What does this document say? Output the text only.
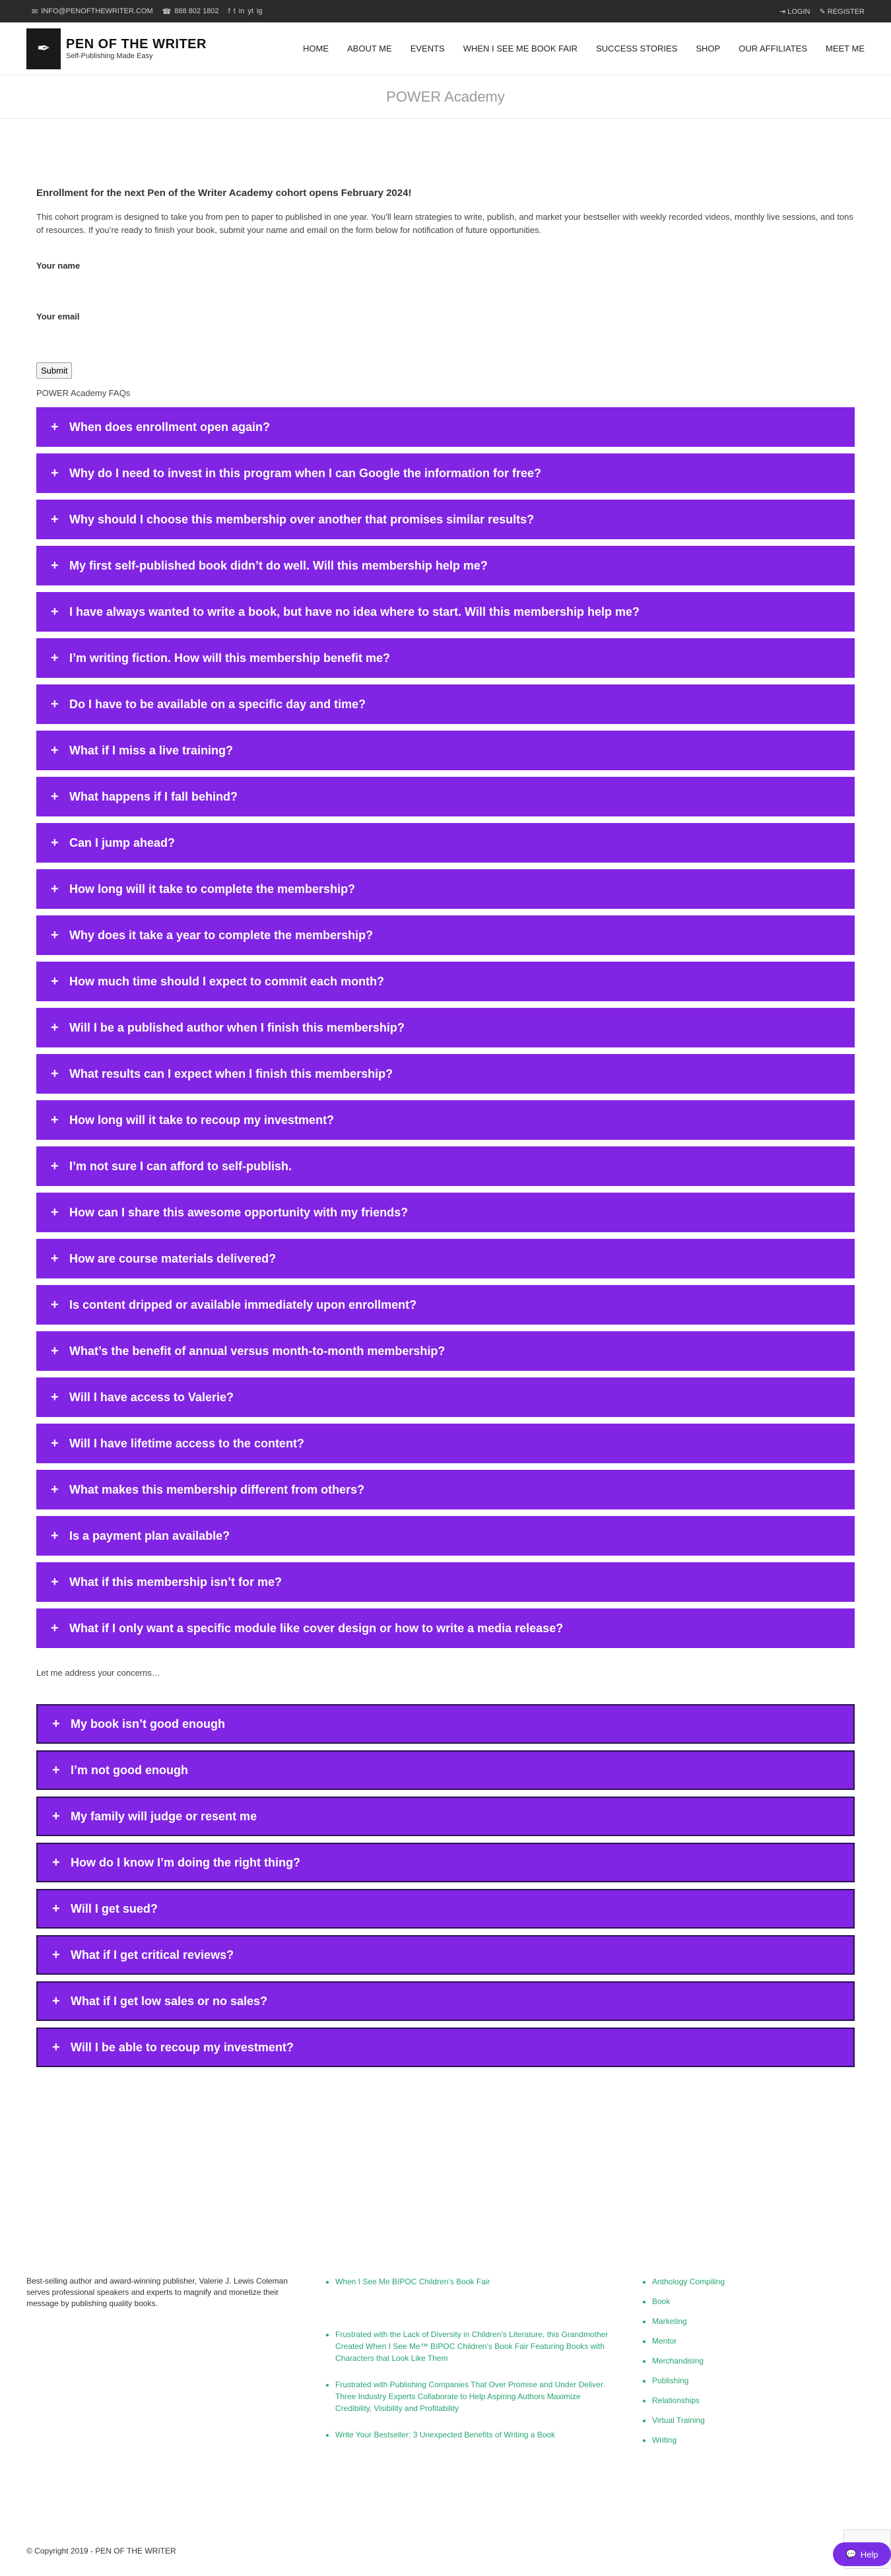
✉ INFO@PENOFTHEWRITER.COM ☎ 888 802 1802 f t in yt ig	⇥ LOGIN ✎ REGISTER
✒	PEN OF THE WRITER
Self-Publishing Made Easy
HOME ABOUT ME EVENTS WHEN I SEE ME BOOK FAIR SUCCESS STORIES SHOP OUR AFFILIATES MEET ME
POWER Academy
Enrollment for the next Pen of the Writer Academy cohort opens February 2024!
This cohort program is designed to take you from pen to paper to published in one year. You’ll learn strategies to write, publish, and market your bestseller with weekly recorded videos, monthly live sessions, and tons of resources. If you’re ready to finish your book, submit your name and email on the form below for notification of future opportunities.
Your name
Your email
Submit
POWER Academy FAQs
+ When does enrollment open again?
+ Why do I need to invest in this program when I can Google the information for free?
+ Why should I choose this membership over another that promises similar results?
+ My first self-published book didn’t do well. Will this membership help me?
+ I have always wanted to write a book, but have no idea where to start. Will this membership help me?
+ I’m writing fiction. How will this membership benefit me?
+ Do I have to be available on a specific day and time?
+ What if I miss a live training?
+ What happens if I fall behind?
+ Can I jump ahead?
+ How long will it take to complete the membership?
+ Why does it take a year to complete the membership?
+ How much time should I expect to commit each month?
+ Will I be a published author when I finish this membership?
+ What results can I expect when I finish this membership?
+ How long will it take to recoup my investment?
+ I’m not sure I can afford to self-publish.
+ How can I share this awesome opportunity with my friends?
+ How are course materials delivered?
+ Is content dripped or available immediately upon enrollment?
+ What’s the benefit of annual versus month-to-month membership?
+ Will I have access to Valerie?
+ Will I have lifetime access to the content?
+ What makes this membership different from others?
+ Is a payment plan available?
+ What if this membership isn’t for me?
+ What if I only want a specific module like cover design or how to write a media release?
Let me address your concerns…
+ My book isn’t good enough
+ I’m not good enough
+ My family will judge or resent me
+ How do I know I’m doing the right thing?
+ Will I get sued?
+ What if I get critical reviews?
+ What if I get low sales or no sales?
+ Will I be able to recoup my investment?
Best-selling author and award-winning publisher, Valerie J. Lewis Coleman serves professional speakers and experts to magnify and monetize their message by publishing quality books.
• When I See Me BIPOC Children’s Book Fair
• Frustrated with the Lack of Diversity in Children’s Literature, this Grandmother Created When I See Me™ BIPOC Children’s Book Fair Featuring Books with Characters that Look Like Them
• Frustrated with Publishing Companies That Over Promise and Under Deliver. Three Industry Experts Collaborate to Help Aspiring Authors Maximize Credibility, Visibility and Profitability
• Write Your Bestseller: 3 Unexpected Benefits of Writing a Book
• Anthology Compiling
• Book
• Marketing
• Mentor
• Merchandising
• Publishing
• Relationships
• Virtual Training
• Writing
© Copyright 2019 - PEN OF THE WRITER	💬 Help
